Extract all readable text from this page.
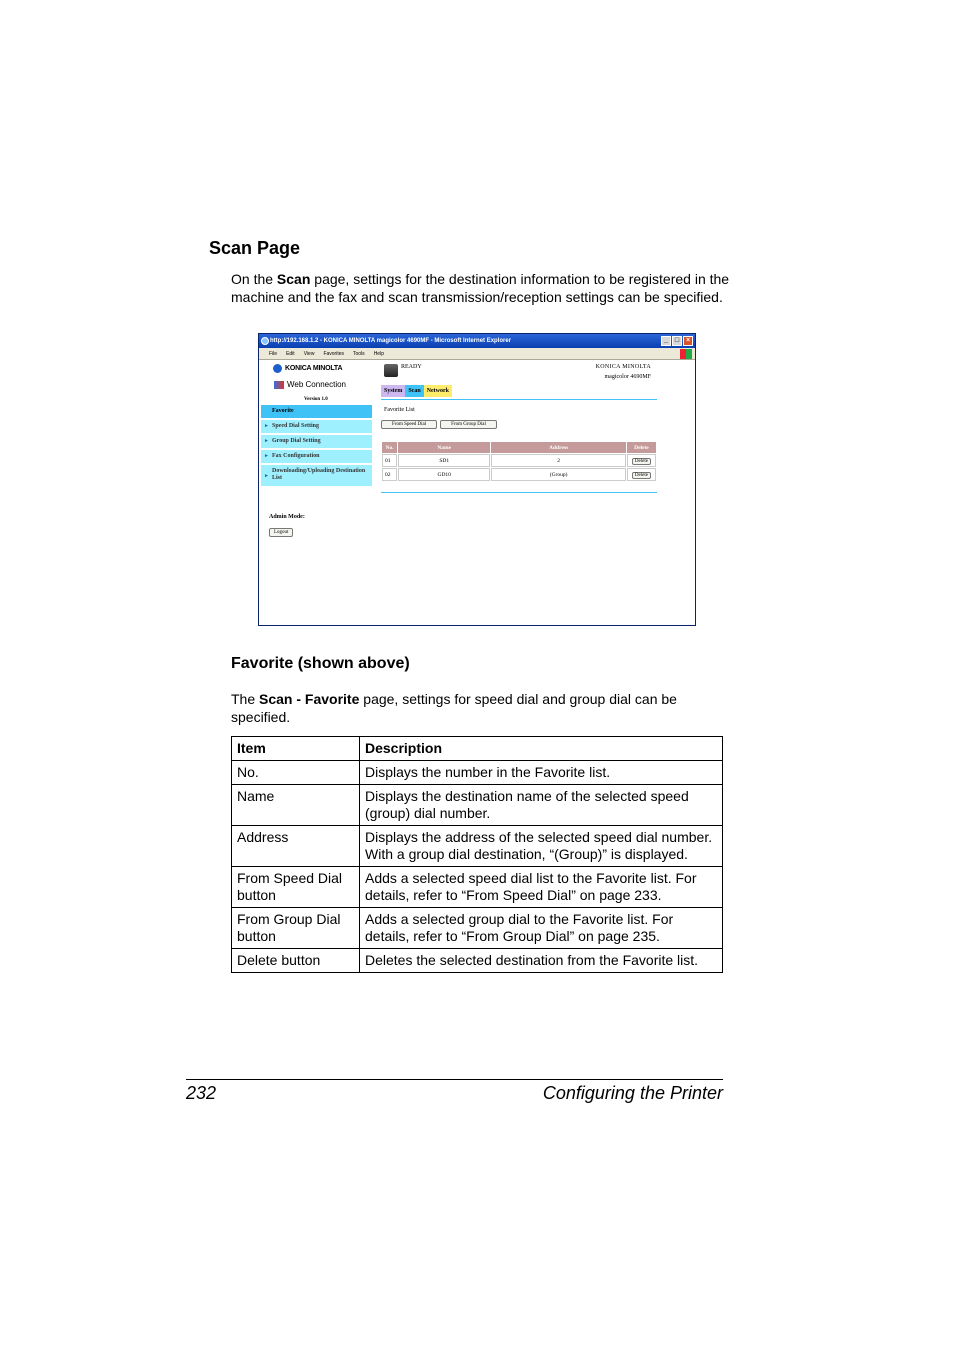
Scan Page

On the Scan page, settings for the destination information to be registered in the machine and the fax and scan transmission/reception settings can be specified.

http://192.168.1.2 - KONICA MINOLTA magicolor 4690MF - Microsoft Internet Explorer	_ □ ×
File Edit View Favorites Tools Help
KONICA MINOLTA
Web Connection
Version 1.0
Favorite
► Speed Dial Setting
► Group Dial Setting
► Fax Configuration
►
Downloading/Uploading Destination List
Admin Mode:
Logout
READY	KONICA MINOLTA
magicolor 4690MF
System	Scan	Network
Favorite List
From Speed Dial	From Group Dial
No.	Name	Address	Delete
01	SD1	2	Delete
02	GD10	(Group)	Delete
Favorite (shown above)

The Scan - Favorite page, settings for speed dial and group dial can be specified.

Item	Description
No.	Displays the number in the Favorite list.
Name	Displays the destination name of the selected speed (group) dial number.
Address	Displays the address of the selected speed dial number. With a group dial destination, “(Group)” is displayed.
From Speed Dial button	Adds a selected speed dial list to the Favorite list. For details, refer to “From Speed Dial” on page 233.
From Group Dial button	Adds a selected group dial to the Favorite list. For details, refer to “From Group Dial” on page 235.
Delete button	Deletes the selected destination from the Favorite list.
232	Configuring the Printer
